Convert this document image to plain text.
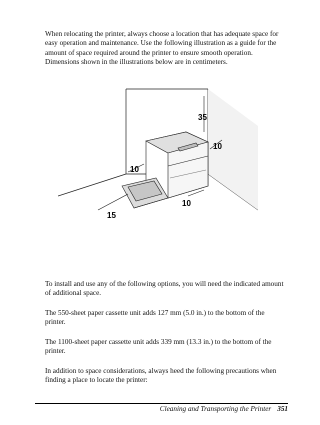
When relocating the printer, always choose a location that has adequate space for easy operation and maintenance. Use the following illustration as a guide for the amount of space required around the printer to ensure smooth operation. Dimensions shown in the illustrations below are in centimeters.

35
10
10
10
15

To install and use any of the following options, you will need the indicated amount of additional space.

The 550-sheet paper cassette unit adds 127 mm (5.0 in.) to the bottom of the printer.

The 1100-sheet paper cassette unit adds 339 mm (13.3 in.) to the bottom of the printer.

In addition to space considerations, always heed the following precautions when finding a place to locate the printer:

Cleaning and Transporting the Printer 351
